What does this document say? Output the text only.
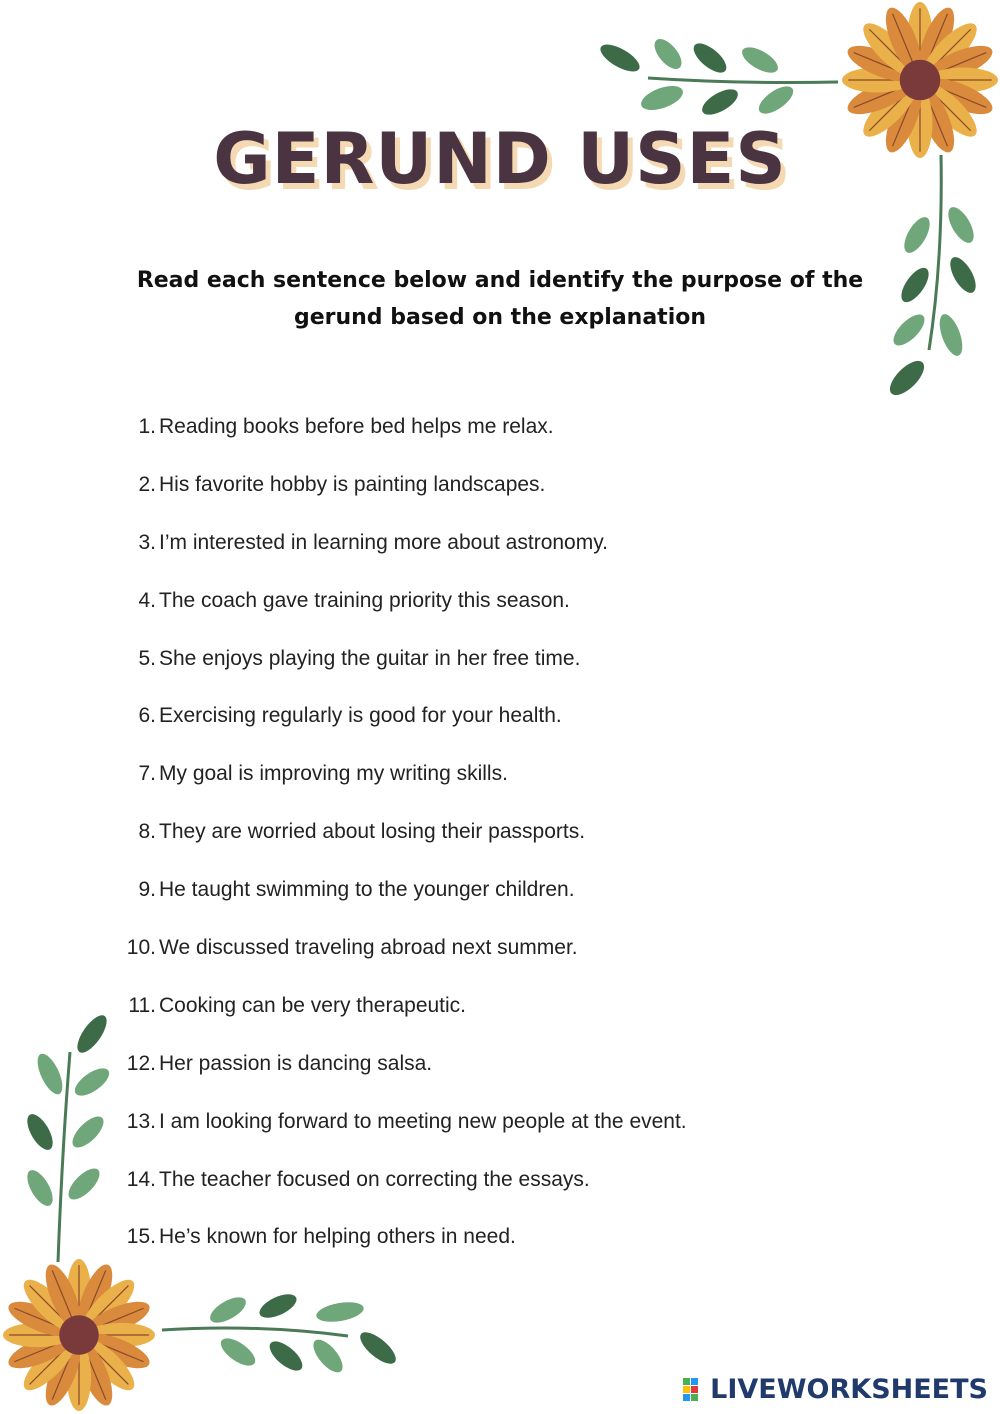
GERUND USES

Read each sentence below and identify the purpose of the gerund based on the explanation

1. Reading books before bed helps me relax.
2. His favorite hobby is painting landscapes.
3. I’m interested in learning more about astronomy.
4. The coach gave training priority this season.
5. She enjoys playing the guitar in her free time.
6. Exercising regularly is good for your health.
7. My goal is improving my writing skills.
8. They are worried about losing their passports.
9. He taught swimming to the younger children.
10. We discussed traveling abroad next summer.
11. Cooking can be very therapeutic.
12. Her passion is dancing salsa.
13. I am looking forward to meeting new people at the event.
14. The teacher focused on correcting the essays.
15. He’s known for helping others in need.
LIVEWORKSHEETS
